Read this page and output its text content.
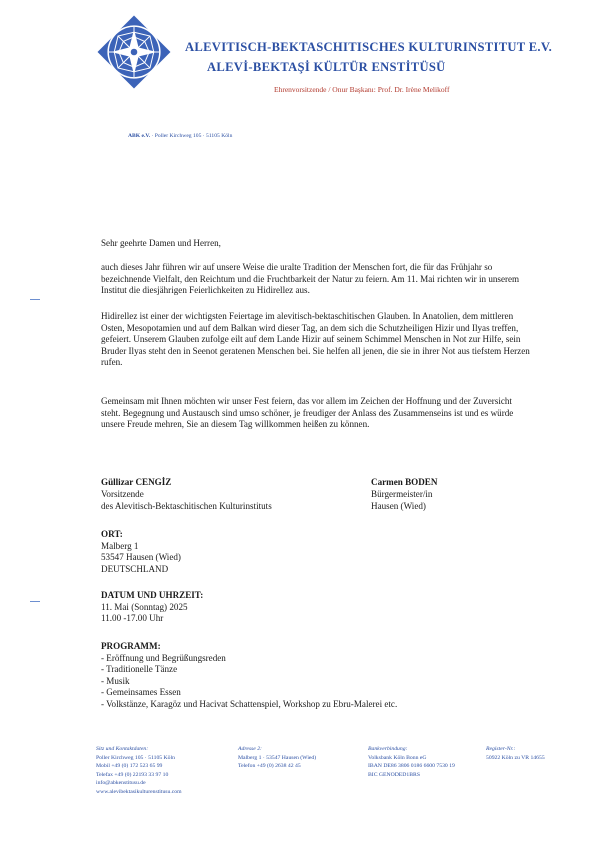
ALEVITISCH-BEKTASCHITISCHES KULTURINSTITUT E.V.
ALEVİ-BEKTAŞİ KÜLTÜR ENSTİTÜSÜ
Ehrenvorsitzende / Onur Başkanı: Prof. Dr. Irène Melikoff
ABK e.V. · Poller Kirchweg 105 · 51105 Köln
Sehr geehrte Damen und Herren,

auch dieses Jahr führen wir auf unsere Weise die uralte Tradition der Menschen fort, die für das Frühjahr so bezeichnende Vielfalt, den Reichtum und die Fruchtbarkeit der Natur zu feiern. Am 11. Mai richten wir in unserem Institut die diesjährigen Feierlichkeiten zu Hidirellez aus.

Hidirellez ist einer der wichtigsten Feiertage im alevitisch-bektaschitischen Glauben. In Anatolien, dem mittleren Osten, Mesopotamien und auf dem Balkan wird dieser Tag, an dem sich die Schutzheiligen Hizir und Ilyas treffen, gefeiert. Unserem Glauben zufolge eilt auf dem Lande Hizir auf seinem Schimmel Menschen in Not zur Hilfe, sein Bruder Ilyas steht den in Seenot geratenen Menschen bei. Sie helfen all jenen, die sie in ihrer Not aus tiefstem Herzen rufen.

Gemeinsam mit Ihnen möchten wir unser Fest feiern, das vor allem im Zeichen der Hoffnung und der Zuversicht steht. Begegnung und Austausch sind umso schöner, je freudiger der Anlass des Zusammenseins ist und es würde unsere Freude mehren, Sie an diesem Tag willkommen heißen zu können.

Güllizar CENGİZ
Vorsitzende
des Alevitisch-Bektaschitischen Kulturinstituts
Carmen BODEN
Bürgermeister/in
Hausen (Wied)
ORT:
Malberg 1
53547 Hausen (Wied)
DEUTSCHLAND
DATUM UND UHRZEIT:
11. Mai (Sonntag) 2025
11.00 -17.00 Uhr
PROGRAMM:
- Eröffnung und Begrüßungsreden
- Traditionelle Tänze
- Musik
- Gemeinsames Essen
- Volkstänze, Karagöz und Hacivat Schattenspiel, Workshop zu Ebru-Malerei etc.
Sitz und Kontaktdaten:
Poller Kirchweg 105 · 51105 Köln
Mobil +49 (0) 172 523 65 99
Telefax +49 (0) 22193 33 97 10
info@abkenstitusu.de
www.alevibektasikulturenstitusu.com
Adresse 2:
Malberg 1 · 53547 Hausen (Wied)
Telefon +49 (0) 2638 42 45
Bankverbindung:
Volksbank Köln Bonn eG
IBAN DE86 3806 0186 6600 7530 19
BIC GENODED1BRS
Register-Nr.:
50922 Köln zu VR 14655
